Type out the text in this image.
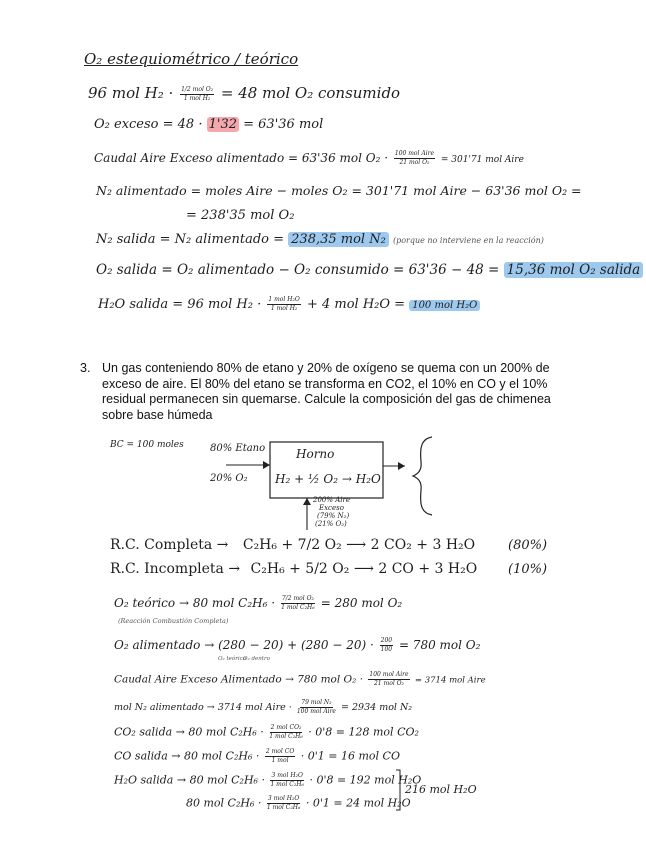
O₂ estequiométrico / teórico
96 mol $H_2 \cdot \frac{\text{1/2 mol O₂}}{\text{1 mol H₂}} = 48$ mol O₂ consumido
O₂ exceso = 48 · 1'32 = 63'36 mol
Caudal Aire Exceso alimentado = 63'36 mol $O_2 \cdot \frac{\text{100 mol Aire}}{\text{21 mol O₂}} = 301'71$ mol Aire
N₂ alimentado = moles Aire − moles O₂ = 301'71 mol Aire − 63'36 mol O₂ =
= 238'35 mol O₂
N₂ salida = N₂ alimentado = 238,35 mol N₂ (porque no interviene en la reacción)
O₂ salida = O₂ alimentado − O₂ consumido = 63'36 − 48 = 15,36 mol O₂ salida
H₂O salida = 96 mol $H_2 \cdot \frac{\text{1 mol H₂O}}{\text{1 mol H₂}} + 4$ mol H₂O = 100 mol H₂O
3. Un gas conteniendo 80% de etano y 20% de oxígeno se quema con un 200% de exceso de aire. El 80% del etano se transforma en CO2, el 10% en CO y el 10% residual permanecen sin quemarse. Calcule la composición del gas de chimenea sobre base húmeda
BC = 100 moles	80% Etano
20% O₂
Horno
H₂ + ½ O₂ → H₂O
200% Aire
Exceso
(79% N₂)
(21% O₂)
R.C. Completa → C₂H₆ + 7/2 O₂ ⟶ 2 CO₂ + 3 H₂O	(80%)
R.C. Incompleta → C₂H₆ + 5/2 O₂ ⟶ 2 CO + 3 H₂O (10%)
O₂ teórico → 80 mol $C_2H_6 \cdot \frac{\text{7/2 mol O₂}}{\text{1 mol C₂H₆}} = 280$ mol O₂
(Reacción Combustión Completa)
O₂ alimentado → $(280 - 20) + (280 - 20) \cdot \frac{200}{100} = 780$ mol O₂
O₂ teórico
O₂ dentro
Caudal Aire Exceso Alimentado → 780 mol $O_2 \cdot \frac{\text{100 mol Aire}}{\text{21 mol O₂}} = 3714$ mol Aire
mol N₂ alimentado → 3714 mol Aire · $\frac{\text{79 mol N₂}}{\text{100 mol Aire}} = 2934$ mol N₂
CO₂ salida → 80 mol $C_2H_6 \cdot \frac{\text{2 mol CO₂}}{\text{1 mol C₂H₆}} \cdot 0'8 = 128$ mol CO₂
CO salida → 80 mol $C_2H_6 \cdot \frac{\text{2 mol CO}}{\text{1 mol}} \cdot 0'1 = 16$ mol CO
H₂O salida → 80 mol $C_2H_6 \cdot \frac{\text{3 mol H₂O}}{\text{1 mol C₂H₆}} \cdot 0'8 = 192$ mol H₂O
80 mol $C_2H_6 \cdot \frac{\text{3 mol H₂O}}{\text{1 mol C₂H₆}} \cdot 0'1 = 24$ mol H₂O
216 mol H₂O
